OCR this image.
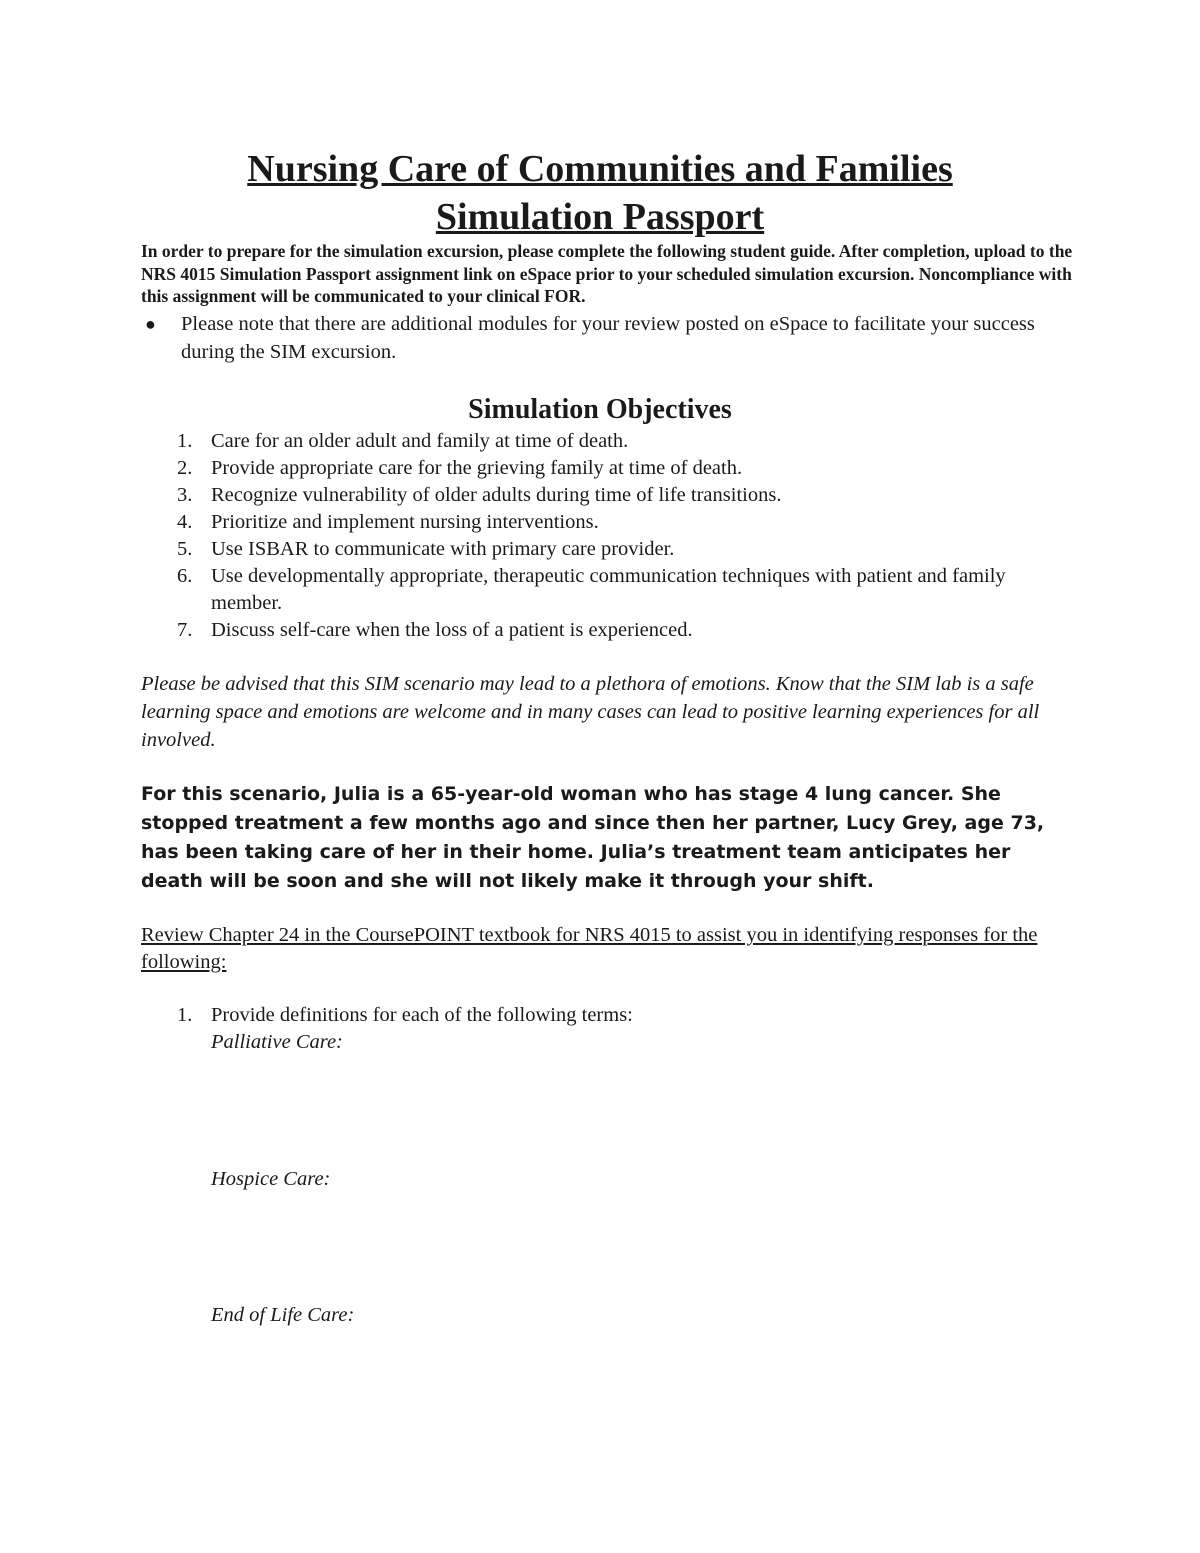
Nursing Care of Communities and Families
Simulation Passport

In order to prepare for the simulation excursion, please complete the following student guide. After completion, upload to the NRS 4015 Simulation Passport assignment link on eSpace prior to your scheduled simulation excursion. Noncompliance with this assignment will be communicated to your clinical FOR.

● Please note that there are additional modules for your review posted on eSpace to facilitate your success during the SIM excursion.
Simulation Objectives
1. Care for an older adult and family at time of death.
2. Provide appropriate care for the grieving family at time of death.
3. Recognize vulnerability of older adults during time of life transitions.
4. Prioritize and implement nursing interventions.
5. Use ISBAR to communicate with primary care provider.
6. Use developmentally appropriate, therapeutic communication techniques with patient and family member.
7. Discuss self-care when the loss of a patient is experienced.

Please be advised that this SIM scenario may lead to a plethora of emotions. Know that the SIM lab is a safe learning space and emotions are welcome and in many cases can lead to positive learning experiences for all involved.

For this scenario, Julia is a 65-year-old woman who has stage 4 lung cancer. She stopped treatment a few months ago and since then her partner, Lucy Grey, age 73, has been taking care of her in their home. Julia’s treatment team anticipates her death will be soon and she will not likely make it through your shift.

Review Chapter 24 in the CoursePOINT textbook for NRS 4015 to assist you in identifying responses for the following:

1. Provide definitions for each of the following terms:
Palliative Care:
Hospice Care:
End of Life Care:
